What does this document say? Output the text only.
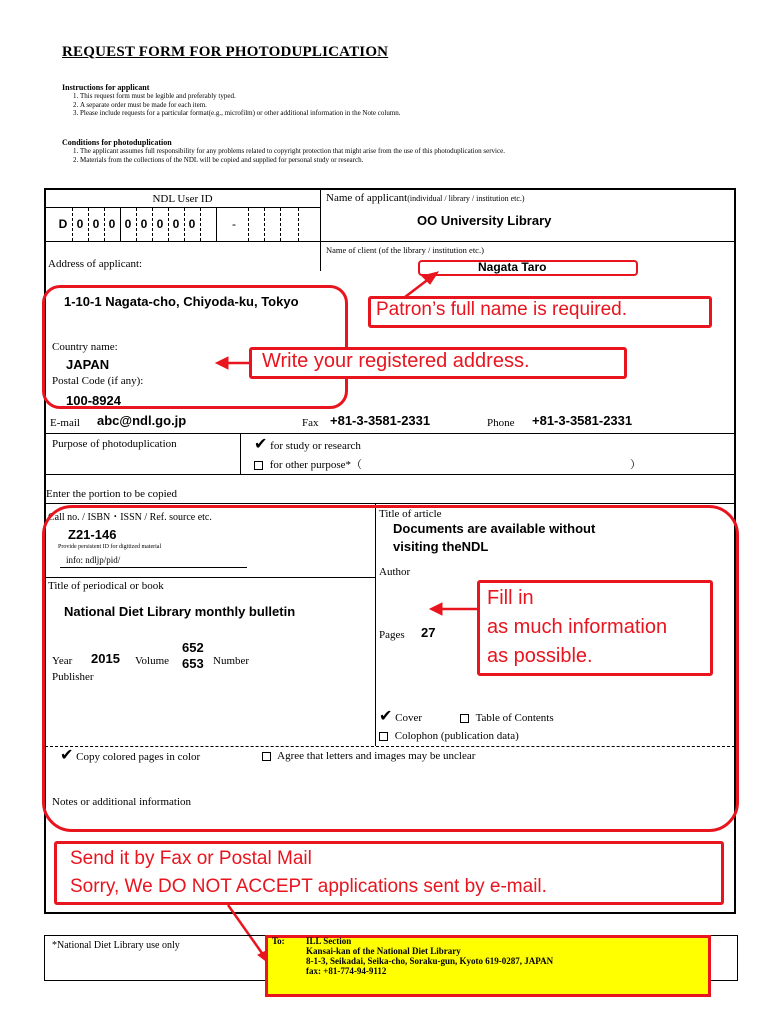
REQUEST FORM FOR PHOTODUPLICATION
Instructions for applicant
1. This request form must be legible and preferably typed.
2. A separate order must be made for each item.
3. Please include requests for a particular format(e.g., microfilm) or other additional information in the Note column.
Conditions for photoduplication
1. The applicant assumes full responsibility for any problems related to copyright protection that might arise from the use of this photoduplication service.
2. Materials from the collections of the NDL will be copied and supplied for personal study or research.
NDL User ID
D 0 0 0 0 0 0 0 0	-
Name of applicant(individual / library / institution etc.)
OO University Library
Name of client (of the library / institution etc.)
Nagata Taro
Address of applicant:
1-10-1 Nagata-cho, Chiyoda-ku, Tokyo
Country name:
JAPAN
Postal Code (if any):
100-8924
E-mail abc@ndl.go.jp	Fax +81-3-3581-2331	Phone +81-3-3581-2331
Purpose of photoduplication	✔ for study or research
for other purpose*（	）
Enter the portion to be copied
Call no. / ISBN・ISSN / Ref. source etc.
Z21-146
Provide persistent ID for digitized material
info: ndljp/pid/
Title of article
Documents are available without
visiting theNDL
Author
Pages 27
Title of periodical or book
National Diet Library monthly bulletin
Year 2015 Volume
652
653 Number
Publisher
✔ Cover	Table of Contents
Colophon (publication data)
✔ Copy colored pages in color	Agree that letters and images may be unclear
Notes or additional information
Patron’s full name is required.
Write your registered address.
Fill in
as much information
as possible.
Send it by Fax or Postal Mail
Sorry, We DO NOT ACCEPT applications sent by e-mail.
*National Diet Library use only	To: ILL Section
Kansai-kan of the National Diet Library
8-1-3, Seikadai, Seika-cho, Soraku-gun, Kyoto 619-0287, JAPAN
fax: +81-774-94-9112
